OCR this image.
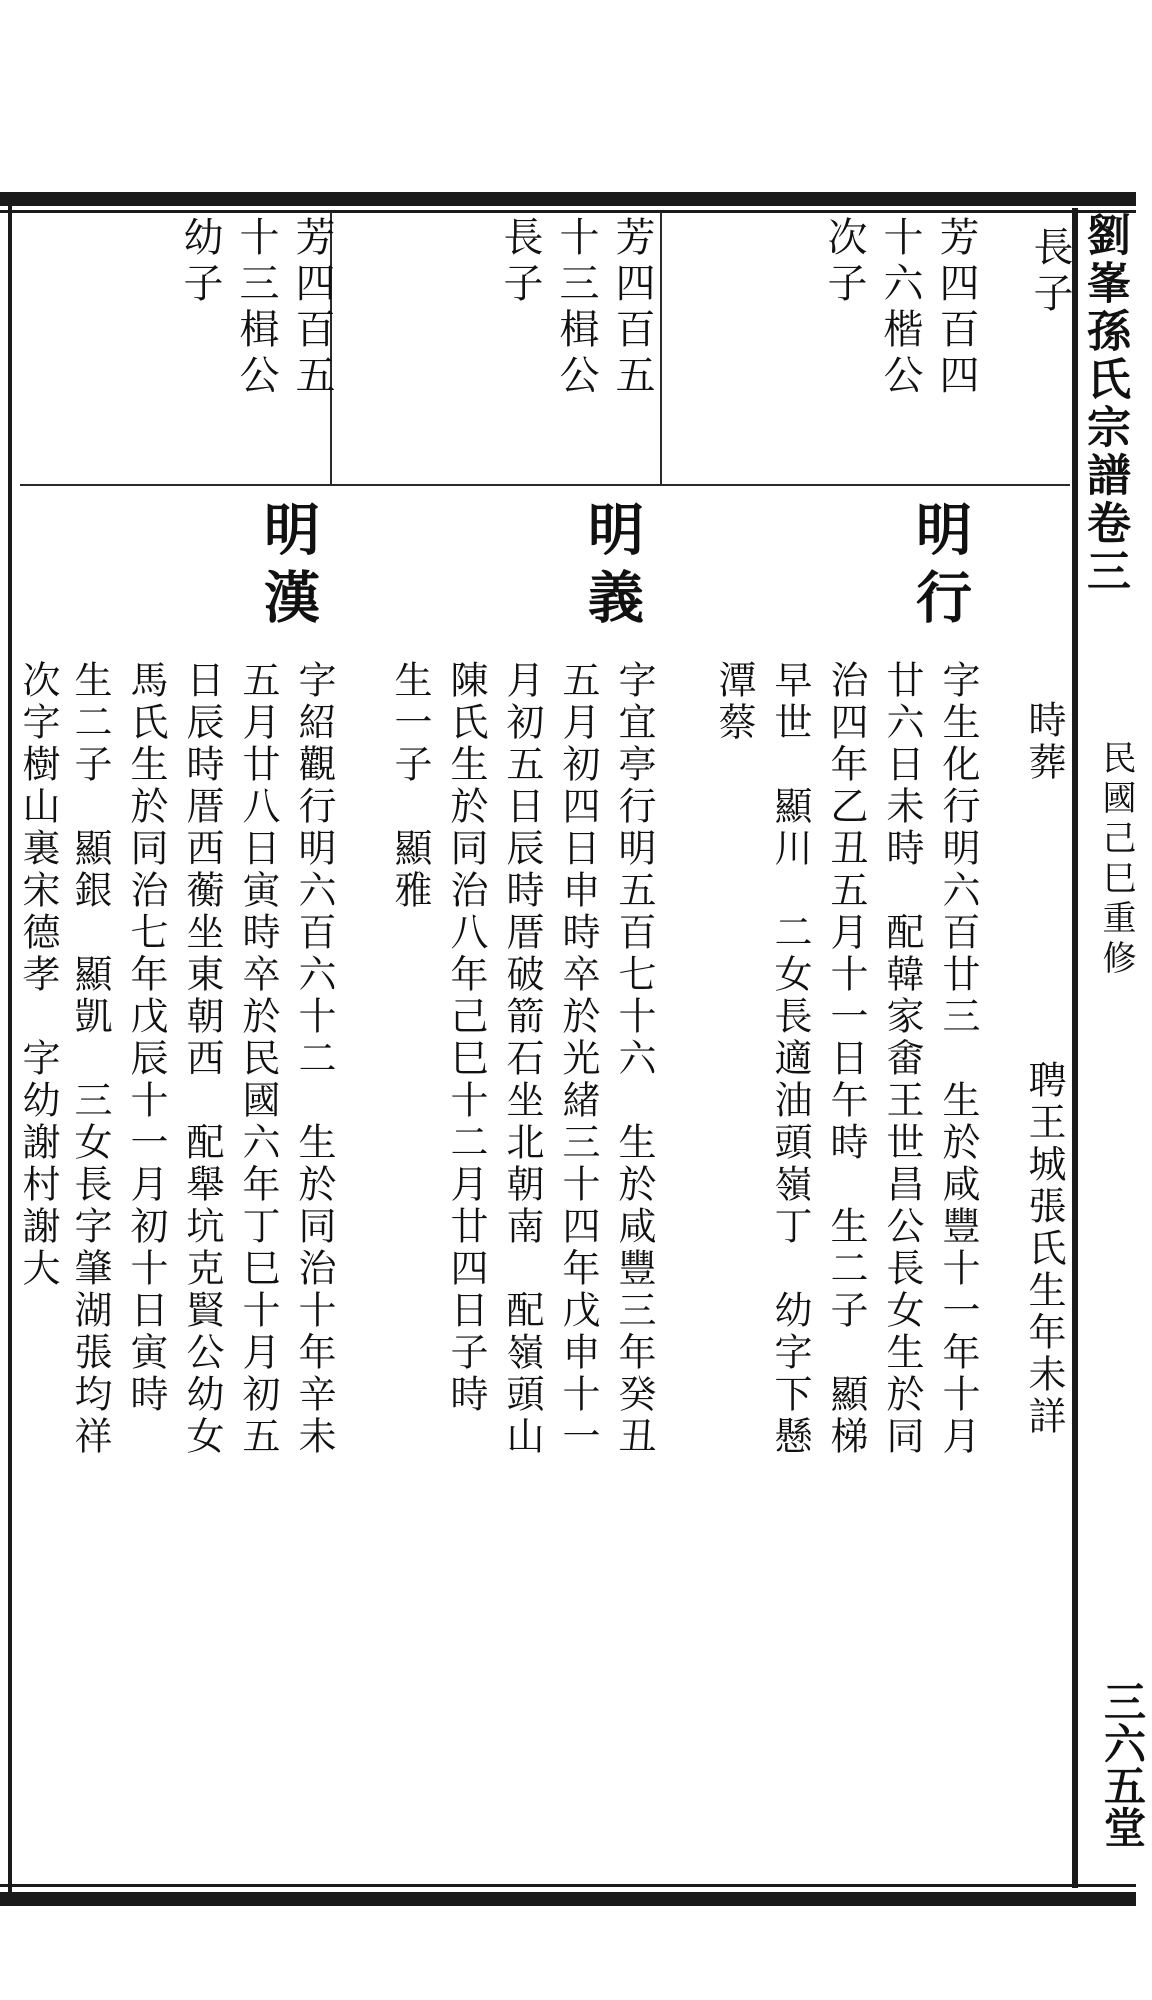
劉峯孫氏宗譜卷三
民國己巳重修
三六五堂
長子
時葬
聘王城張氏生年未詳
芳四百四
十六楷公
次子
明行
字生化行明六百廿三　生於咸豐十一年十月
廿六日未時　配韓家畬王世昌公長女生於同
治四年乙丑五月十一日午時　生二子　顯梯
早世　顯川　二女長適油頭嶺丁　幼字下懸
潭蔡
芳四百五
十三楫公
長子
明義
字宜亭行明五百七十六　生於咸豐三年癸丑
五月初四日申時卒於光緒三十四年戊申十一
月初五日辰時厝破箭石坐北朝南　配嶺頭山
陳氏生於同治八年己巳十二月廿四日子時
生一子　顯雅
芳四百五
十三楫公
幼子
明漢
字紹觀行明六百六十二　生於同治十年辛未
五月廿八日寅時卒於民國六年丁巳十月初五
日辰時厝西蘅坐東朝西　配舉坑克賢公幼女
馬氏生於同治七年戊辰十一月初十日寅時
生二子　顯銀　顯凱　三女長字肇湖張均祥
次字樹山裏宋德孝　字幼謝村謝大
